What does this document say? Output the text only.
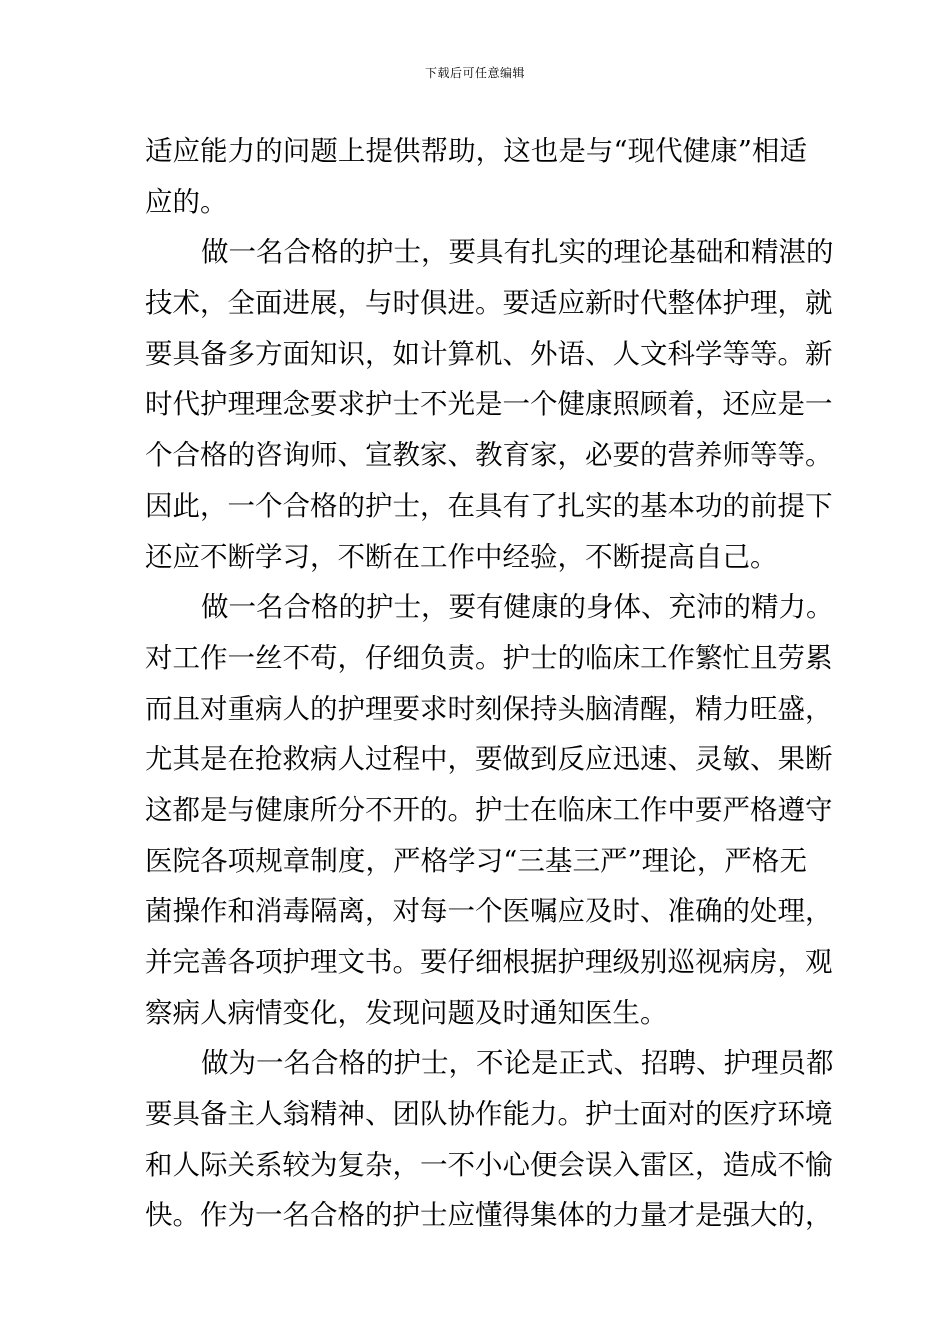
下载后可任意编辑
适应能力的问题上提供帮助，这也是与“现代健康”相适
应的。
做一名合格的护士，要具有扎实的理论基础和精湛的
技术，全面进展，与时俱进。要适应新时代整体护理，就
要具备多方面知识，如计算机、外语、人文科学等等。新
时代护理理念要求护士不光是一个健康照顾着，还应是一
个合格的咨询师、宣教家、教育家，必要的营养师等等。
因此，一个合格的护士，在具有了扎实的基本功的前提下
还应不断学习，不断在工作中经验，不断提高自己。
做一名合格的护士，要有健康的身体、充沛的精力。
对工作一丝不苟，仔细负责。护士的临床工作繁忙且劳累
而且对重病人的护理要求时刻保持头脑清醒，精力旺盛，
尤其是在抢救病人过程中，要做到反应迅速、灵敏、果断
这都是与健康所分不开的。护士在临床工作中要严格遵守
医院各项规章制度，严格学习“三基三严”理论，严格无
菌操作和消毒隔离，对每一个医嘱应及时、准确的处理，
并完善各项护理文书。要仔细根据护理级别巡视病房，观
察病人病情变化，发现问题及时通知医生。
做为一名合格的护士，不论是正式、招聘、护理员都
要具备主人翁精神、团队协作能力。护士面对的医疗环境
和人际关系较为复杂，一不小心便会误入雷区，造成不愉
快。作为一名合格的护士应懂得集体的力量才是强大的，
